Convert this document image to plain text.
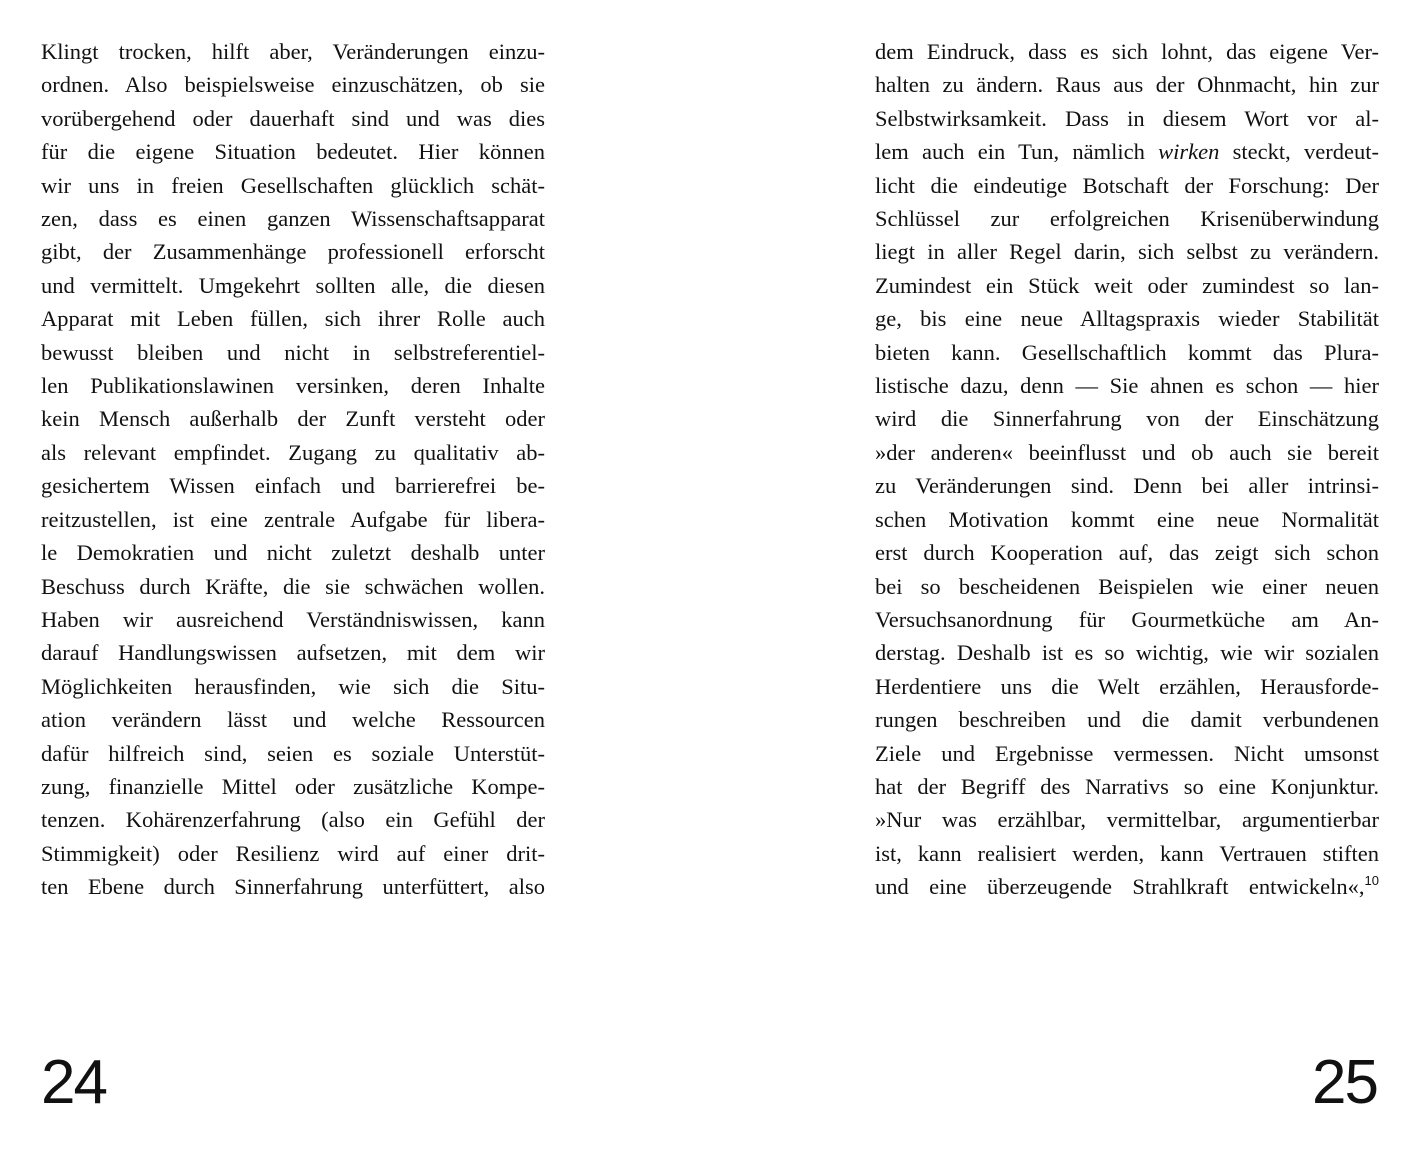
Klingt trocken, hilft aber, Veränderungen einzu-
ordnen. Also beispielsweise einzuschätzen, ob sie
vorübergehend oder dauerhaft sind und was dies
für die eigene Situation bedeutet. Hier können
wir uns in freien Gesellschaften glücklich schät-
zen, dass es einen ganzen Wissenschaftsapparat
gibt, der Zusammenhänge professionell erforscht
und vermittelt. Umgekehrt sollten alle, die diesen
Apparat mit Leben füllen, sich ihrer Rolle auch
bewusst bleiben und nicht in selbstreferentiel-
len Publikationslawinen versinken, deren Inhalte
kein Mensch außerhalb der Zunft versteht oder
als relevant empfindet. Zugang zu qualitativ ab-
gesichertem Wissen einfach und barrierefrei be-
reitzustellen, ist eine zentrale Aufgabe für libera-
le Demokratien und nicht zuletzt deshalb unter
Beschuss durch Kräfte, die sie schwächen wollen.
Haben wir ausreichend Verständniswissen, kann
darauf Handlungswissen aufsetzen, mit dem wir
Möglichkeiten herausfinden, wie sich die Situ-
ation verändern lässt und welche Ressourcen
dafür hilfreich sind, seien es soziale Unterstüt-
zung, finanzielle Mittel oder zusätzliche Kompe-
tenzen. Kohärenzerfahrung (also ein Gefühl der
Stimmigkeit) oder Resilienz wird auf einer drit-
ten Ebene durch Sinnerfahrung unterfüttert, also
24
dem Eindruck, dass es sich lohnt, das eigene Ver-
halten zu ändern. Raus aus der Ohnmacht, hin zur
Selbstwirksamkeit. Dass in diesem Wort vor al-
lem auch ein Tun, nämlich wirken steckt, verdeut-
licht die eindeutige Botschaft der Forschung: Der
Schlüssel zur erfolgreichen Krisenüberwindung
liegt in aller Regel darin, sich selbst zu verändern.
Zumindest ein Stück weit oder zumindest so lan-
ge, bis eine neue Alltagspraxis wieder Stabilität
bieten kann. Gesellschaftlich kommt das Plura-
listische dazu, denn — Sie ahnen es schon — hier
wird die Sinnerfahrung von der Einschätzung
»der anderen« beeinflusst und ob auch sie bereit
zu Veränderungen sind. Denn bei aller intrinsi-
schen Motivation kommt eine neue Normalität
erst durch Kooperation auf, das zeigt sich schon
bei so bescheidenen Beispielen wie einer neuen
Versuchsanordnung für Gourmetküche am An-
derstag. Deshalb ist es so wichtig, wie wir sozialen
Herdentiere uns die Welt erzählen, Herausforde-
rungen beschreiben und die damit verbundenen
Ziele und Ergebnisse vermessen. Nicht umsonst
hat der Begriff des Narrativs so eine Konjunktur.
»Nur was erzählbar, vermittelbar, argumentierbar
ist, kann realisiert werden, kann Vertrauen stiften
und eine überzeugende Strahlkraft entwickeln«,$^{10}$
25
